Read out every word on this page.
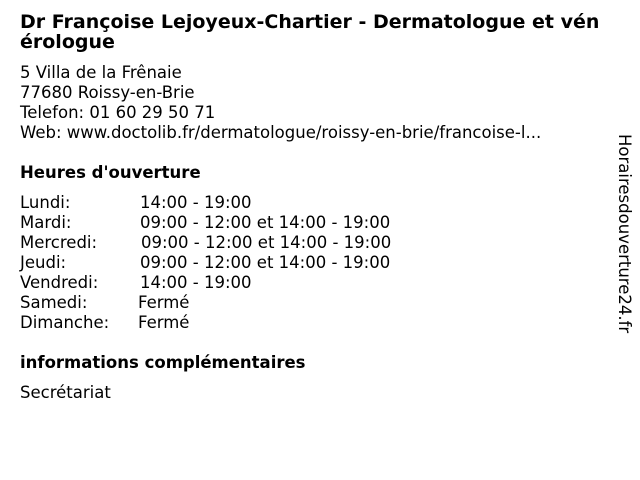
Dr Françoise Lejoyeux-Chartier - Dermatologue et vénérologue
5 Villa de la Frênaie
77680 Roissy-en-Brie
Telefon: 01 60 29 50 71
Web: www.doctolib.fr/dermatologue/roissy-en-brie/francoise-l...
Heures d'ouverture
Lundi:	14:00 - 19:00
Mardi:	09:00 - 12:00 et 14:00 - 19:00
Mercredi:	09:00 - 12:00 et 14:00 - 19:00
Jeudi:	09:00 - 12:00 et 14:00 - 19:00
Vendredi:	14:00 - 19:00
Samedi:	Fermé
Dimanche: Fermé
informations complémentaires
Secrétariat
Horairesdouverture24.fr
